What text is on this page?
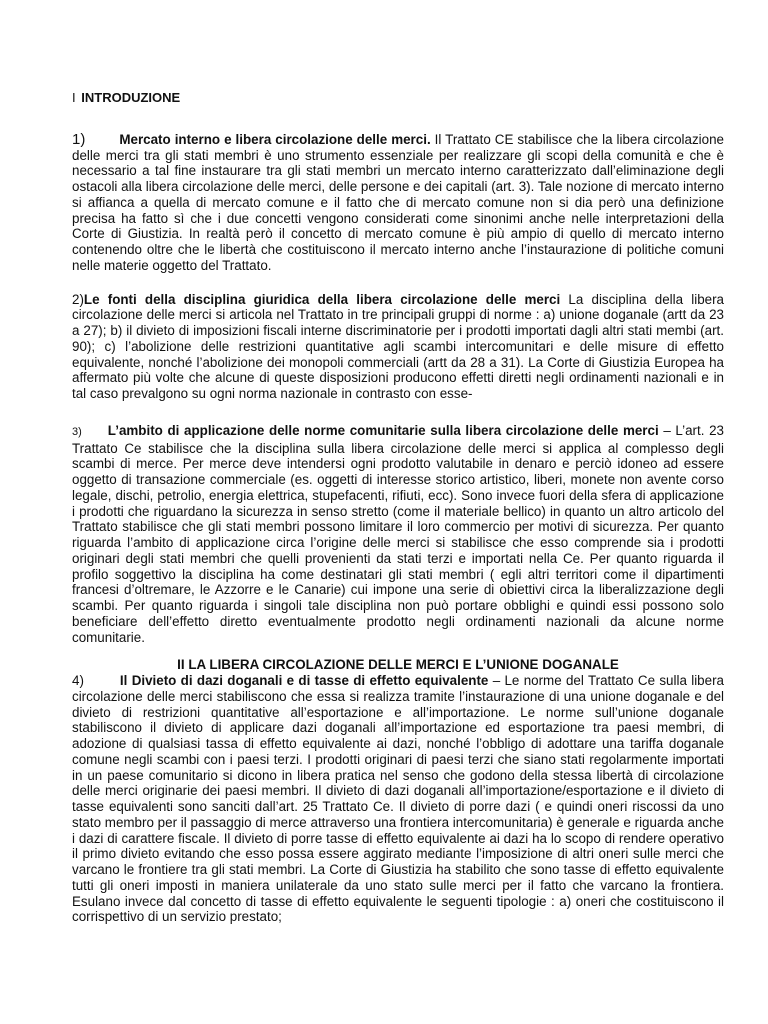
I INTRODUZIONE

1)	Mercato interno e libera circolazione delle merci. Il Trattato CE stabilisce che la libera circolazione delle merci tra gli stati membri è uno strumento essenziale per realizzare gli scopi della comunità e che è necessario a tal fine instaurare tra gli stati membri un mercato interno caratterizzato dall’eliminazione degli ostacoli alla libera circolazione delle merci, delle persone e dei capitali (art. 3). Tale nozione di mercato interno si affianca a quella di mercato comune e il fatto che di mercato comune non si dia però una definizione precisa ha fatto sì che i due concetti vengono considerati come sinonimi anche nelle interpretazioni della Corte di Giustizia. In realtà però il concetto di mercato comune è più ampio di quello di mercato interno contenendo oltre che le libertà che costituiscono il mercato interno anche l’instaurazione di politiche comuni nelle materie oggetto del Trattato.

2)Le fonti della disciplina giuridica della libera circolazione delle merci La disciplina della libera circolazione delle merci si articola nel Trattato in tre principali gruppi di norme : a) unione doganale (artt da 23 a 27); b) il divieto di imposizioni fiscali interne discriminatorie per i prodotti importati dagli altri stati membi (art. 90); c) l’abolizione delle restrizioni quantitative agli scambi intercomunitari e delle misure di effetto equivalente, nonché l’abolizione dei monopoli commerciali (artt da 28 a 31). La Corte di Giustizia Europea ha affermato più volte che alcune di queste disposizioni producono effetti diretti negli ordinamenti nazionali e in tal caso prevalgono su ogni norma nazionale in contrasto con esse-

3) L’ambito di applicazione delle norme comunitarie sulla libera circolazione delle merci – L’art. 23 Trattato Ce stabilisce che la disciplina sulla libera circolazione delle merci si applica al complesso degli scambi di merce. Per merce deve intendersi ogni prodotto valutabile in denaro e perciò idoneo ad essere oggetto di transazione commerciale (es. oggetti di interesse storico artistico, liberi, monete non avente corso legale, dischi, petrolio, energia elettrica, stupefacenti, rifiuti, ecc). Sono invece fuori della sfera di applicazione i prodotti che riguardano la sicurezza in senso stretto (come il materiale bellico) in quanto un altro articolo del Trattato stabilisce che gli stati membri possono limitare il loro commercio per motivi di sicurezza. Per quanto riguarda l’ambito di applicazione circa l’origine delle merci si stabilisce che esso comprende sia i prodotti originari degli stati membri che quelli provenienti da stati terzi e importati nella Ce. Per quanto riguarda il profilo soggettivo la disciplina ha come destinatari gli stati membri ( egli altri territori come il dipartimenti francesi d’oltremare, le Azzorre e le Canarie) cui impone una serie di obiettivi circa la liberalizzazione degli scambi. Per quanto riguarda i singoli tale disciplina non può portare obblighi e quindi essi possono solo beneficiare dell’effetto diretto eventualmente prodotto negli ordinamenti nazionali da alcune norme comunitarie.

II LA LIBERA CIRCOLAZIONE DELLE MERCI E L’UNIONE DOGANALE

4)	Il Divieto di dazi doganali e di tasse di effetto equivalente – Le norme del Trattato Ce sulla libera circolazione delle merci stabiliscono che essa si realizza tramite l’instaurazione di una unione doganale e del divieto di restrizioni quantitative all’esportazione e all’importazione. Le norme sull’unione doganale stabiliscono il divieto di applicare dazi doganali all’importazione ed esportazione tra paesi membri, di adozione di qualsiasi tassa di effetto equivalente ai dazi, nonché l’obbligo di adottare una tariffa doganale comune negli scambi con i paesi terzi. I prodotti originari di paesi terzi che siano stati regolarmente importati in un paese comunitario si dicono in libera pratica nel senso che godono della stessa libertà di circolazione delle merci originarie dei paesi membri. Il divieto di dazi doganali all’importazione/esportazione e il divieto di tasse equivalenti sono sanciti dall’art. 25 Trattato Ce. Il divieto di porre dazi ( e quindi oneri riscossi da uno stato membro per il passaggio di merce attraverso una frontiera intercomunitaria) è generale e riguarda anche i dazi di carattere fiscale. Il divieto di porre tasse di effetto equivalente ai dazi ha lo scopo di rendere operativo il primo divieto evitando che esso possa essere aggirato mediante l’imposizione di altri oneri sulle merci che varcano le frontiere tra gli stati membri. La Corte di Giustizia ha stabilito che sono tasse di effetto equivalente tutti gli oneri imposti in maniera unilaterale da uno stato sulle merci per il fatto che varcano la frontiera. Esulano invece dal concetto di tasse di effetto equivalente le seguenti tipologie : a) oneri che costituiscono il corrispettivo di un servizio prestato;
